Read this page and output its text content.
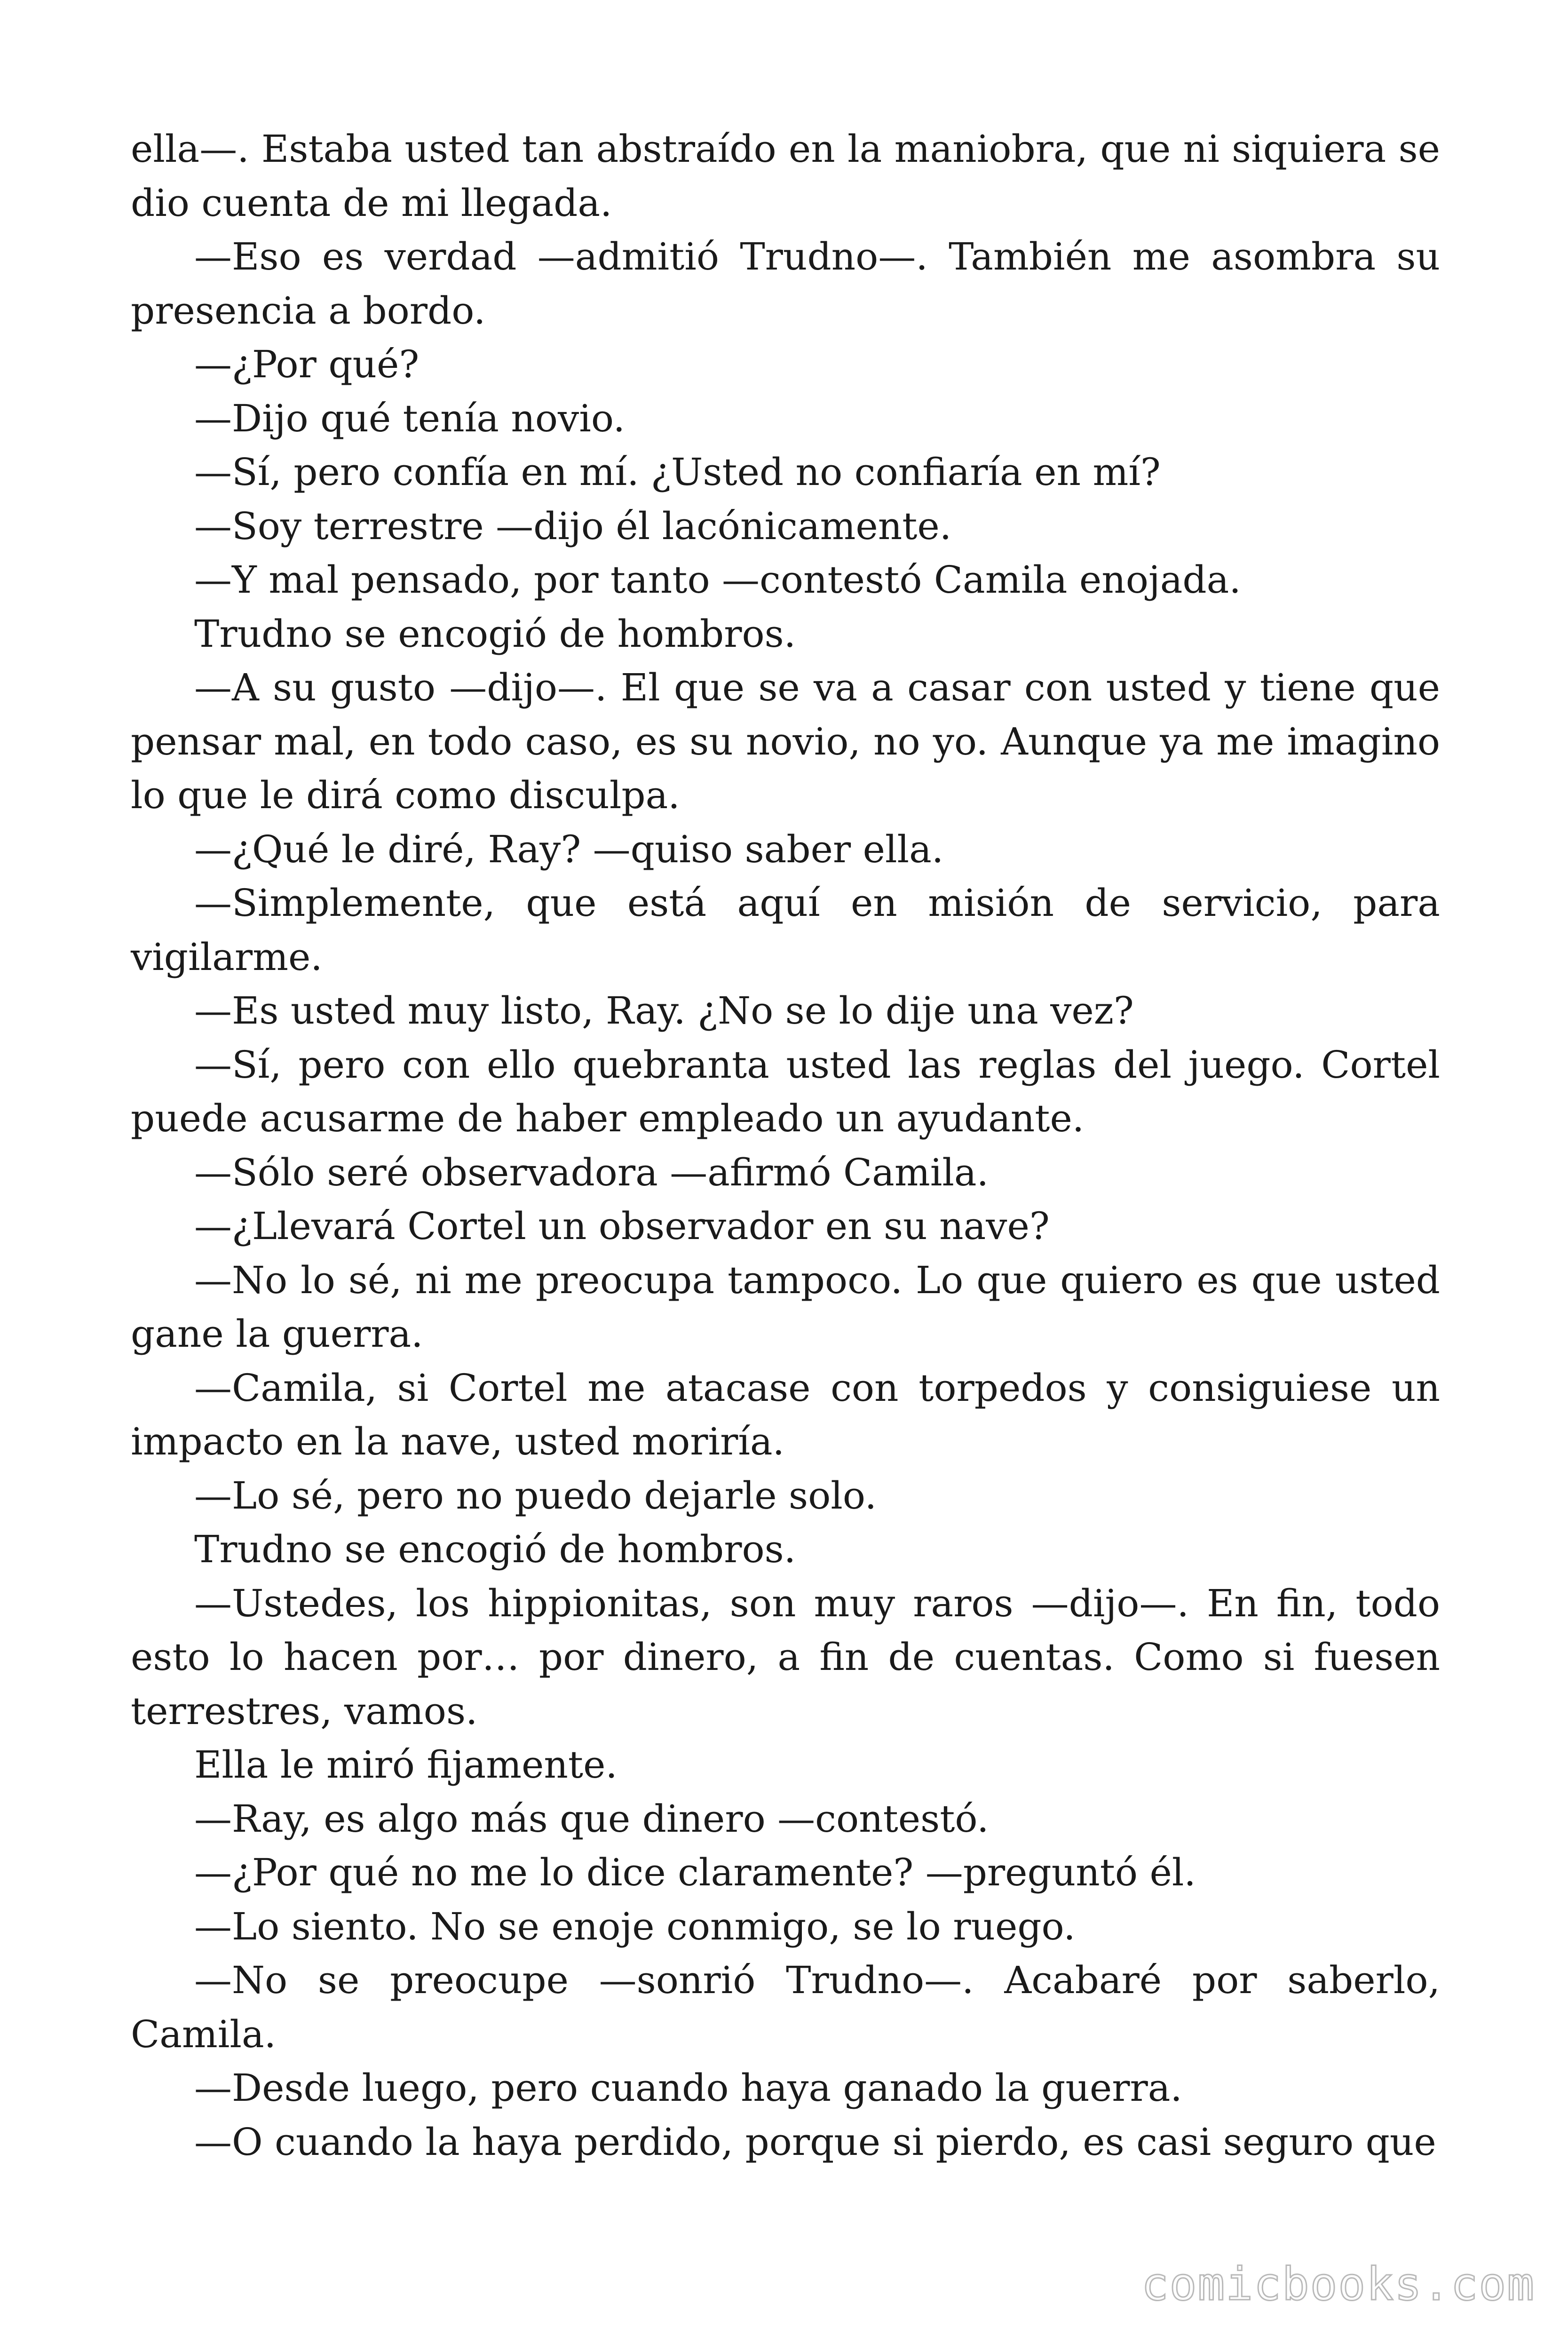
ella—. Estaba usted tan abstraído en la maniobra, que ni siquiera se dio cuenta de mi llegada.

—Eso es verdad —admitió Trudno—. También me asombra su presencia a bordo.

—¿Por qué?

—Dijo qué tenía novio.

—Sí, pero confía en mí. ¿Usted no confiaría en mí?

—Soy terrestre —dijo él lacónicamente.

—Y mal pensado, por tanto —contestó Camila enojada.

Trudno se encogió de hombros.

—A su gusto —dijo—. El que se va a casar con usted y tiene que pensar mal, en todo caso, es su novio, no yo. Aunque ya me imagino lo que le dirá como disculpa.

—¿Qué le diré, Ray? —quiso saber ella.

—Simplemente, que está aquí en misión de servicio, para vigilarme.

—Es usted muy listo, Ray. ¿No se lo dije una vez?

—Sí, pero con ello quebranta usted las reglas del juego. Cortel puede acusarme de haber empleado un ayudante.

—Sólo seré observadora —afirmó Camila.

—¿Llevará Cortel un observador en su nave?

—No lo sé, ni me preocupa tampoco. Lo que quiero es que usted gane la guerra.

—Camila, si Cortel me atacase con torpedos y consiguiese un impacto en la nave, usted moriría.

—Lo sé, pero no puedo dejarle solo.

Trudno se encogió de hombros.

—Ustedes, los hippionitas, son muy raros —dijo—. En fin, todo esto lo hacen por… por dinero, a fin de cuentas. Como si fuesen terrestres, vamos.

Ella le miró fijamente.

—Ray, es algo más que dinero —contestó.

—¿Por qué no me lo dice claramente? —preguntó él.

—Lo siento. No se enoje conmigo, se lo ruego.

—No se preocupe —sonrió Trudno—. Acabaré por saberlo, Camila.

—Desde luego, pero cuando haya ganado la guerra.

—O cuando la haya perdido, porque si pierdo, es casi seguro que

comicbooks.com
